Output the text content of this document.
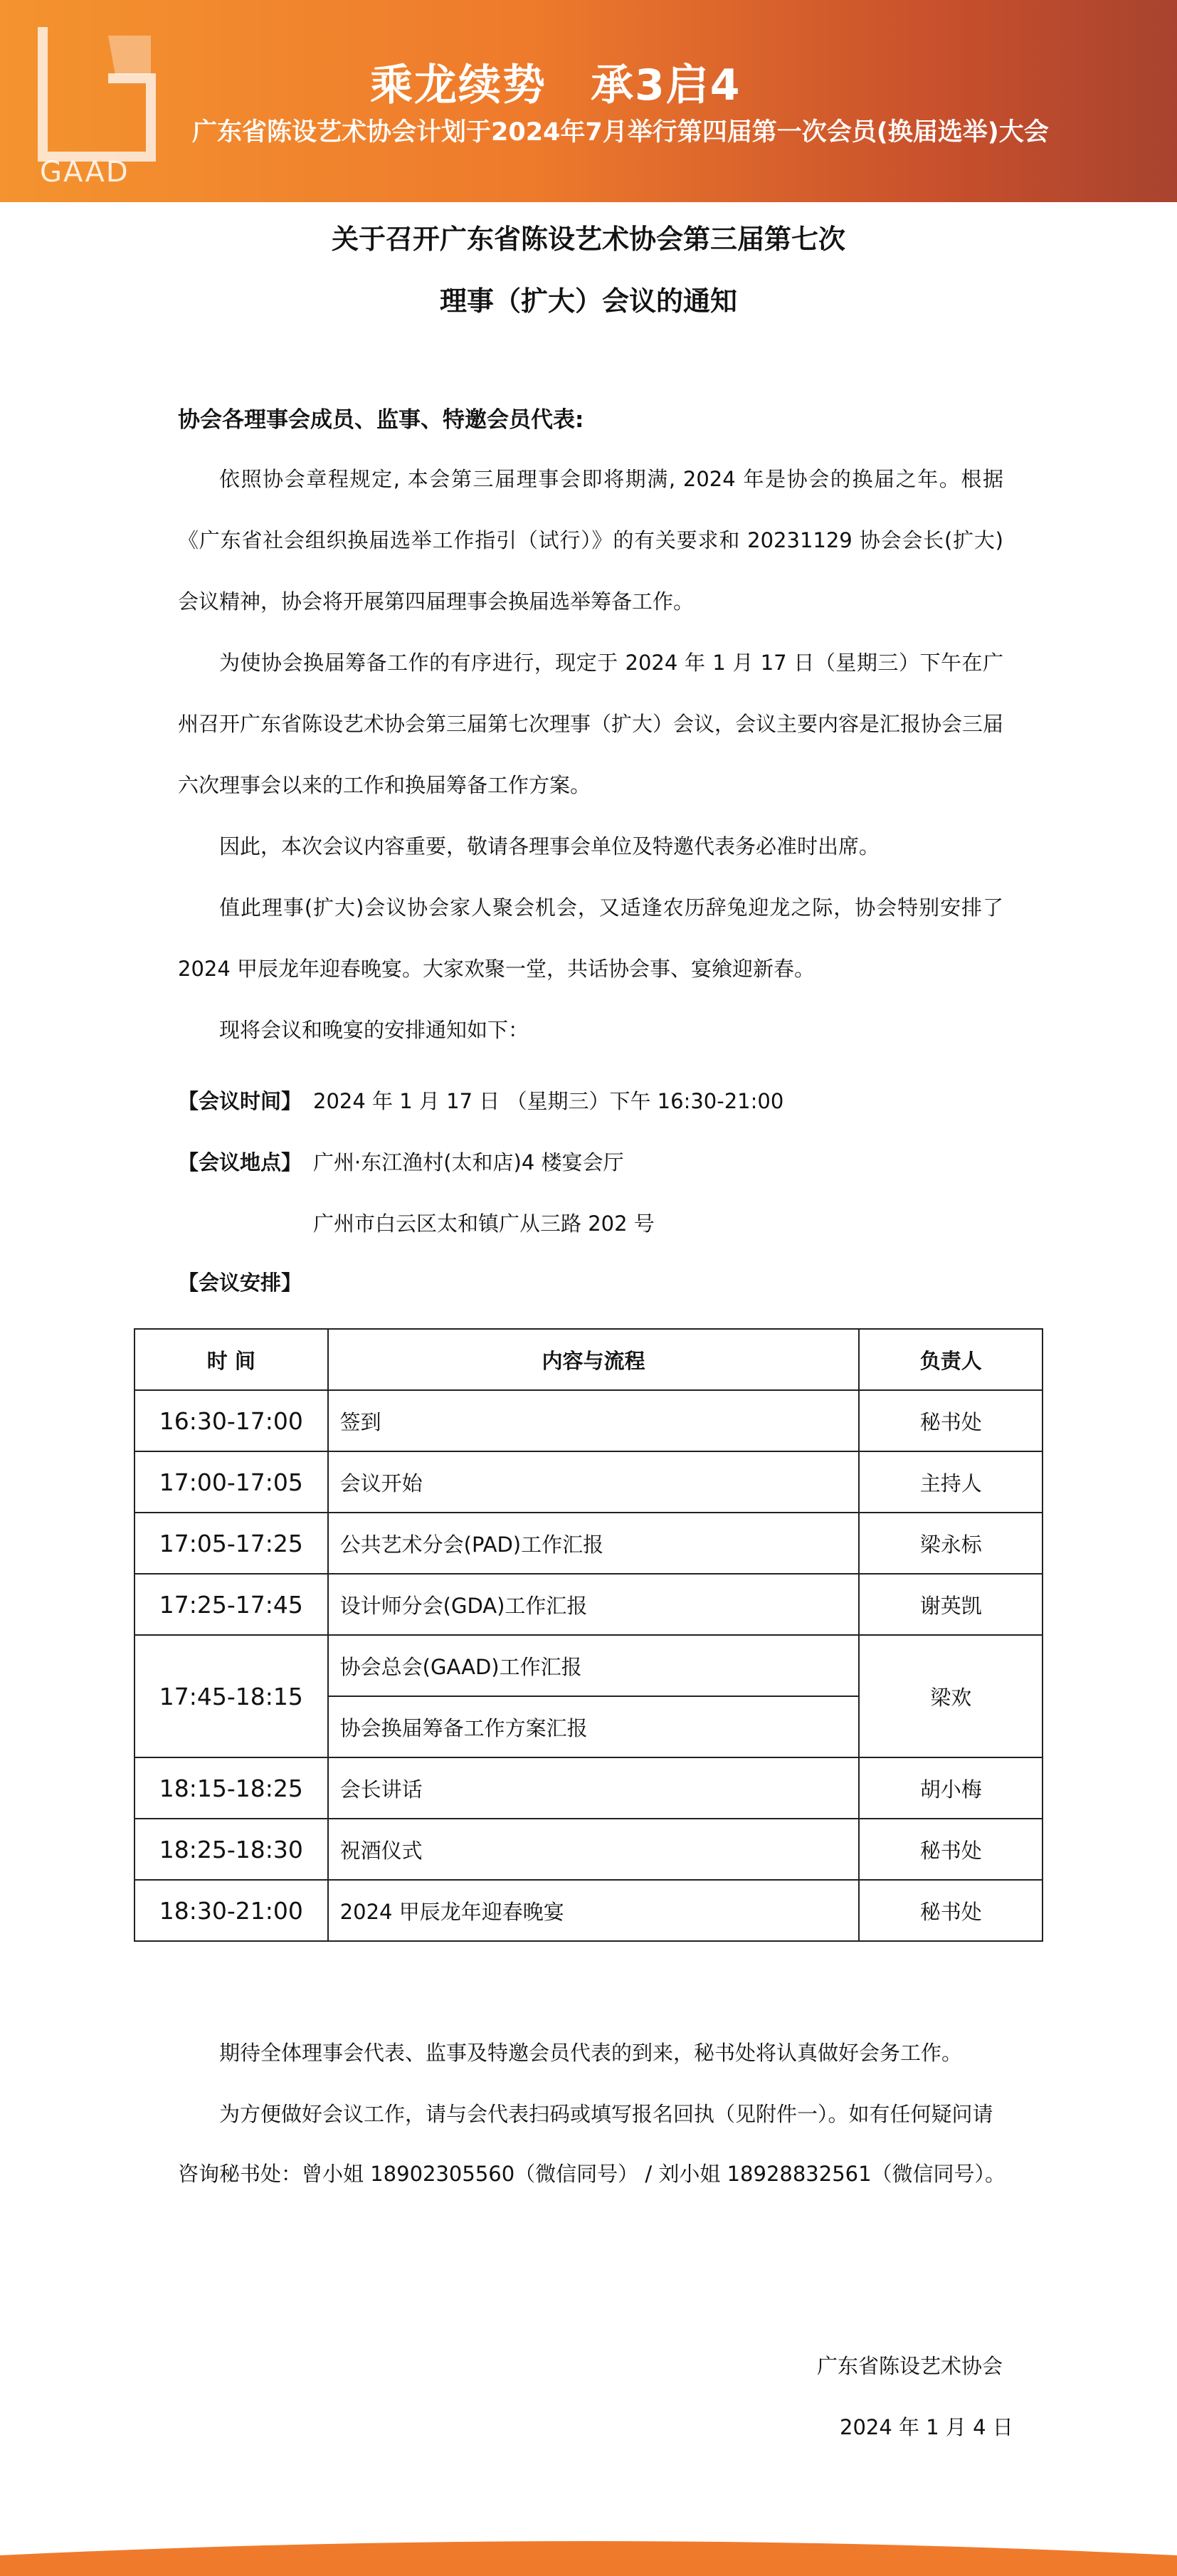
GAAD
乘龙续势　承3启4
广东省陈设艺术协会计划于2024年7月举行第四届第一次会员(换届选举)大会
关于召开广东省陈设艺术协会第三届第七次
理事（扩大）会议的通知
协会各理事会成员、监事、特邀会员代表:

依照协会章程规定, 本会第三届理事会即将期满, 2024 年是协会的换届之年。根据《广东省社会组织换届选举工作指引（试行）》的有关要求和 20231129 协会会长(扩大)会议精神，协会将开展第四届理事会换届选举筹备工作。

为使协会换届筹备工作的有序进行，现定于 2024 年 1 月 17 日（星期三）下午在广州召开广东省陈设艺术协会第三届第七次理事（扩大）会议，会议主要内容是汇报协会三届六次理事会以来的工作和换届筹备工作方案。

因此，本次会议内容重要，敬请各理事会单位及特邀代表务必准时出席。

值此理事(扩大)会议协会家人聚会机会，又适逢农历辞兔迎龙之际，协会特别安排了 2024 甲辰龙年迎春晚宴。大家欢聚一堂，共话协会事、宴飨迎新春。

现将会议和晚宴的安排通知如下：

【会议时间】 2024 年 1 月 17 日 （星期三）下午 16:30-21:00
【会议地点】 广州·东江渔村(太和店)4 楼宴会厅
广州市白云区太和镇广从三路 202 号
【会议安排】
时 间	内容与流程	负责人
16:30-17:00	签到	秘书处
17:00-17:05	会议开始	主持人
17:05-17:25	公共艺术分会(PAD)工作汇报	梁永标
17:25-17:45	设计师分会(GDA)工作汇报	谢英凯
17:45-18:15	协会总会(GAAD)工作汇报	梁欢
	协会换届筹备工作方案汇报	
18:15-18:25	会长讲话	胡小梅
18:25-18:30	祝酒仪式	秘书处
18:30-21:00	2024 甲辰龙年迎春晚宴	秘书处
期待全体理事会代表、监事及特邀会员代表的到来，秘书处将认真做好会务工作。
为方便做好会议工作，请与会代表扫码或填写报名回执（见附件一）。如有任何疑问请
咨询秘书处：曾小姐 18902305560（微信同号） / 刘小姐 18928832561（微信同号）。
广东省陈设艺术协会
2024 年 1 月 4 日
